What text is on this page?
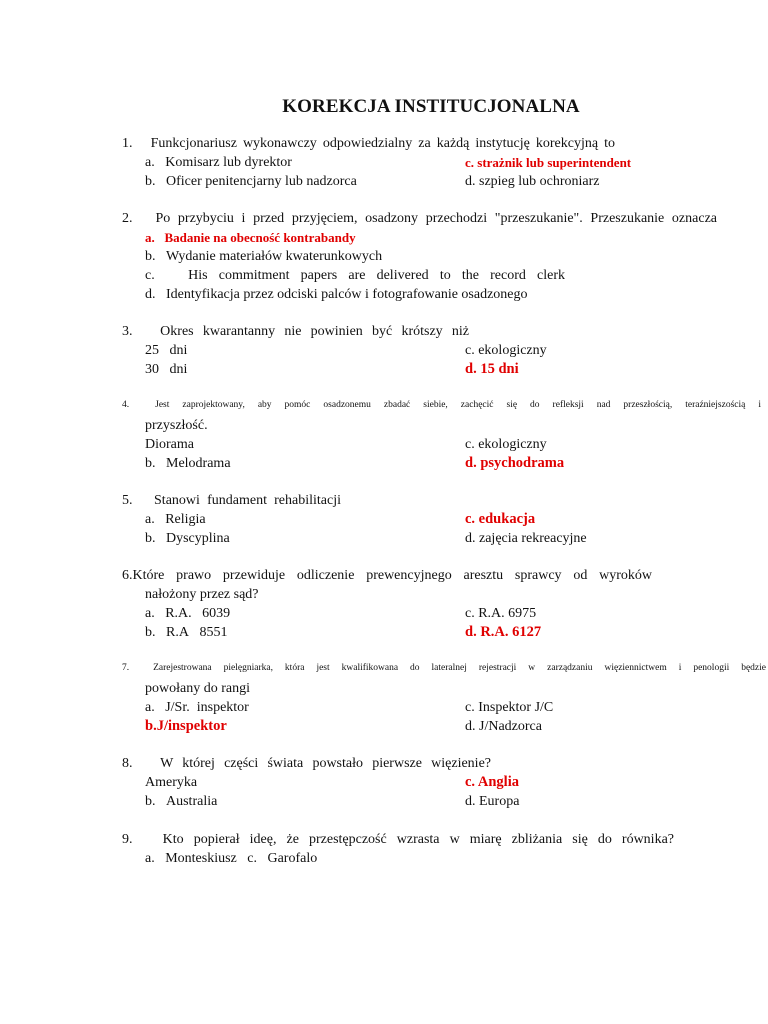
KOREKCJA INSTITUCJONALNA
1.   Funkcjonariusz wykonawczy odpowiedzialny za każdą instytucję korekcyjną to
a.   Komisarz lub dyrektor	c. strażnik lub superintendent
b.   Oficer penitencjarny lub nadzorca	d. szpieg lub ochroniarz
2.   Po przybyciu i przed przyjęciem, osadzony przechodzi "przeszukanie". Przeszukanie oznacza
a.   Badanie na obecność kontrabandy
b.   Wydanie materiałów kwaterunkowych
c.   His commitment papers are delivered to the record clerk
d.   Identyfikacja przez odciski palców i fotografowanie osadzonego
3.   Okres kwarantanny nie powinien być krótszy niż
25   dni	c. ekologiczny
30   dni	d. 15 dni
4.  Jest zaprojektowany, aby pomóc osadzonemu zbadać siebie, zachęcić się do refleksji nad przeszłością, teraźniejszością i
przyszłość.
Diorama	c. ekologiczny
b.   Melodrama	d. psychodrama
5.   Stanowi fundament rehabilitacji
a.   Religia	c. edukacja
b.   Dyscyplina	d. zajęcia rekreacyjne
6.Które prawo przewiduje odliczenie prewencyjnego aresztu sprawcy od wyroków
nałożony przez sąd?
a.   R.A.   6039	c. R.A. 6975
b.   R.A   8551	d. R.A. 6127
7.  Zarejestrowana pielęgniarka, która jest kwalifikowana do lateralnej rejestracji w zarządzaniu więziennictwem i penologii będzie
powołany do rangi
a.   J/Sr.  inspektor	c. Inspektor J/C
b.J/inspektor	d. J/Nadzorca
8.   W której części świata powstało pierwsze więzienie?
Ameryka	c. Anglia
b.   Australia	d. Europa
9.   Kto popierał ideę, że przestępczość wzrasta w miarę zbliżania się do równika?
a.   Monteskiusz   c.   Garofalo
